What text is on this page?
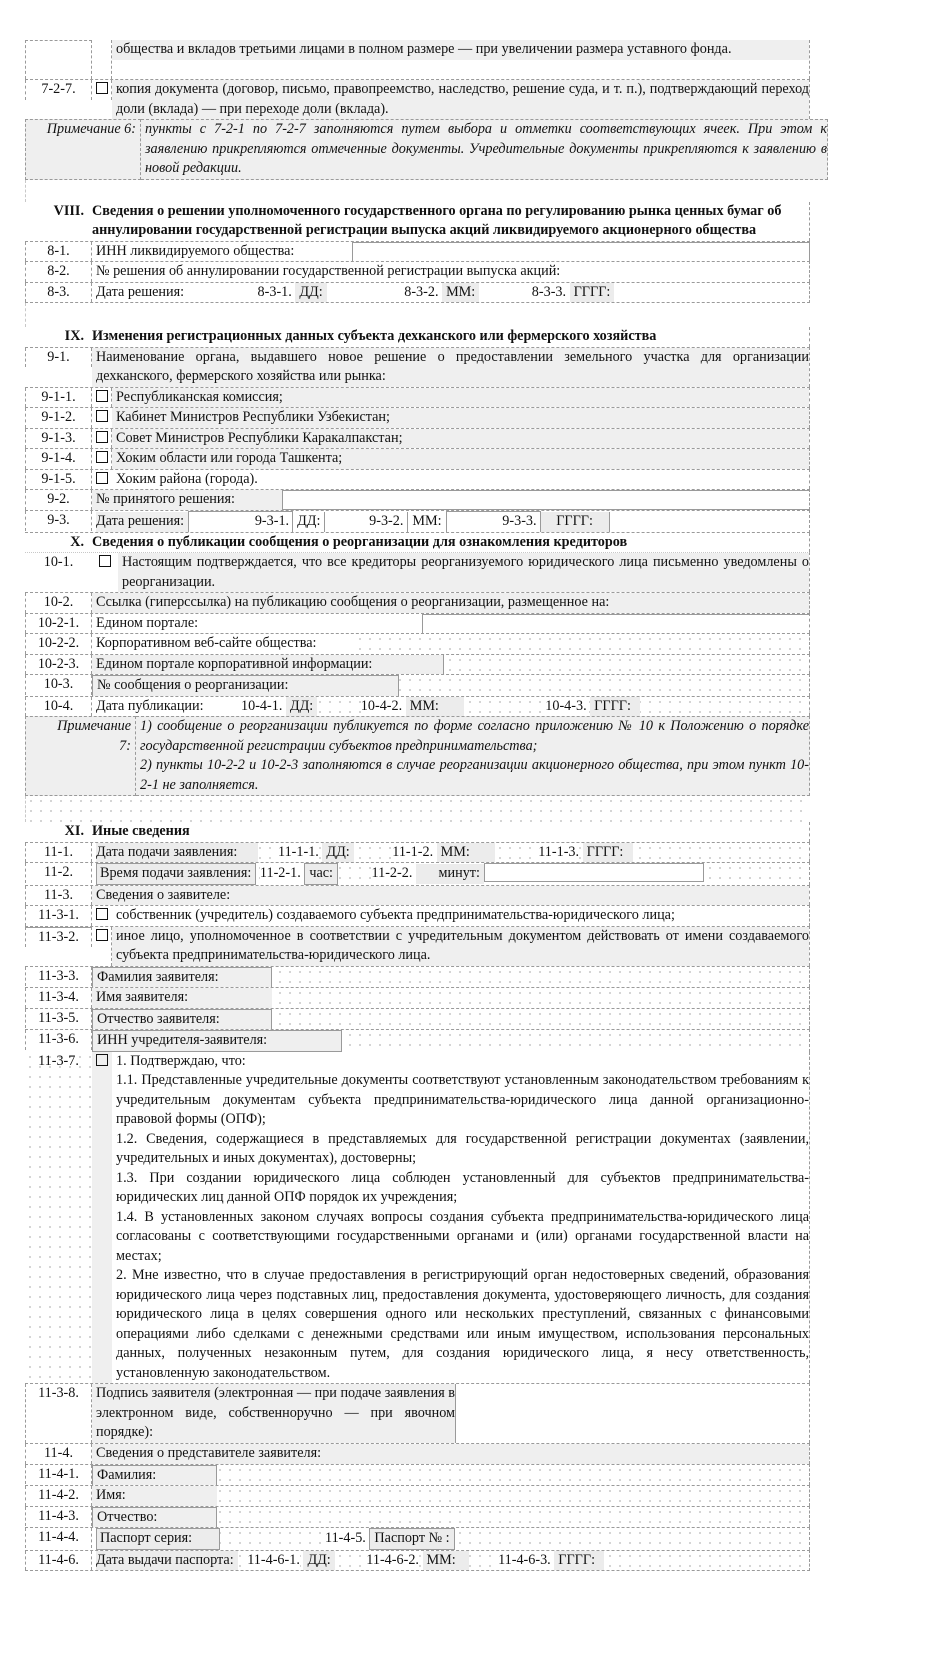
общества и вкладов третьими лицами в полном размере — при увеличении размера уставного фонда.
7-2-7.	копия документа (договор, письмо, правопреемство, наследство, решение суда, и т. п.), подтверждающий переход доли (вклада) — при переходе доли (вклада).
Примечание 6: пункты с 7-2-1 по 7-2-7 заполняются путем выбора и отметки соответствующих ячеек. При этом к заявлению прикрепляются отмеченные документы. Учредительные документы прикрепляются к заявлению в новой редакции.
VIII. Сведения о решении уполномоченного государственного органа по регулированию рынка ценных бумаг об аннулировании государственной регистрации выпуска акций ликвидируемого акционерного общества
8-1.	ИНН ликвидируемого общества:
8-2.	№ решения об аннулировании государственной регистрации выпуска акций:
8-3.	Дата решения:	8-3-1. ДД:	8-3-2. ММ:	8-3-3. ГГГГ:
IX. Изменения регистрационных данных субъекта дехканского или фермерского хозяйства
9-1.	Наименование органа, выдавшего новое решение о предоставлении земельного участка для организации дехканского, фермерского хозяйства или рынка:
9-1-1.	Республиканская комиссия;
9-1-2.	Кабинет Министров Республики Узбекистан;
9-1-3.	Совет Министров Республики Каракалпакстан;
9-1-4.	Хоким области или города Ташкента;
9-1-5.	Хоким района (города).
9-2.	№ принятого решения:
9-3.	Дата решения:	9-3-1. ДД:	9-3-2. ММ:	9-3-3. ГГГГ:
X. Сведения о публикации сообщения о реорганизации для ознакомления кредиторов
10-1.	Настоящим подтверждается, что все кредиторы реорганизуемого юридического лица письменно уведомлены о реорганизации.
10-2.	Ссылка (гиперссылка) на публикацию сообщения о реорганизации, размещенное на:
10-2-1.	Едином портале:
10-2-2.	Корпоративном веб-сайте общества:
10-2-3.	Едином портале корпоративной информации:
10-3.	№ сообщения о реорганизации:
10-4.	Дата публикации:	10-4-1. ДД:	10-4-2. ММ:	10-4-3. ГГГГ:
Примечание
7:
1) сообщение о реорганизации публикуется по форме согласно приложению № 10 к Положению о порядке государственной регистрации субъектов предпринимательства;
2) пункты 10-2-2 и 10-2-3 заполняются в случае реорганизации акционерного общества, при этом пункт 10-2-1 не заполняется.
XI. Иные сведения
11-1.	Дата подачи заявления:	11-1-1. ДД:	11-1-2. ММ:	11-1-3. ГГГГ:
11-2.	Время подачи заявления: 11-2-1. час:	11-2-2. минут:
11-3.	Сведения о заявителе:
11-3-1.	собственник (учредитель) создаваемого субъекта предпринимательства-юридического лица;
11-3-2.	иное лицо, уполномоченное в соответствии с учредительным документом действовать от имени создаваемого субъекта предпринимательства-юридического лица.
11-3-3.	Фамилия заявителя:
11-3-4.	Имя заявителя:
11-3-5.	Отчество заявителя:
11-3-6.	ИНН учредителя-заявителя:
11-3-7.	1. Подтверждаю, что:
1.1. Представленные учредительные документы соответствуют установленным законодательством требованиям к учредительным документам субъекта предпринимательства-юридического лица данной организационно-правовой формы (ОПФ);
1.2. Сведения, содержащиеся в представляемых для государственной регистрации документах (заявлении, учредительных и иных документах), достоверны;
1.3. При создании юридического лица соблюден установленный для субъектов предпринимательства-юридических лиц данной ОПФ порядок их учреждения;
1.4. В установленных законом случаях вопросы создания субъекта предпринимательства-юридического лица согласованы с соответствующими государственными органами и (или) органами государственной власти на местах;
2. Мне известно, что в случае предоставления в регистрирующий орган недостоверных сведений, образования юридического лица через подставных лиц, предоставления документа, удостоверяющего личность, для создания юридического лица в целях совершения одного или нескольких преступлений, связанных с финансовыми операциями либо сделками с денежными средствами или иным имуществом, использования персональных данных, полученных незаконным путем, для создания юридического лица, я несу ответственность, установленную законодательством.
11-3-8.	Подпись заявителя (электронная — при подаче заявления в электронном виде, собственноручно — при явочном порядке):
11-4.	Сведения о представителе заявителя:
11-4-1.	Фамилия:
11-4-2.	Имя:
11-4-3.	Отчество:
11-4-4.	Паспорт серия:	11-4-5. Паспорт № :
11-4-6.	Дата выдачи паспорта: 11-4-6-1. ДД:	11-4-6-2. ММ:	11-4-6-3. ГГГГ:
